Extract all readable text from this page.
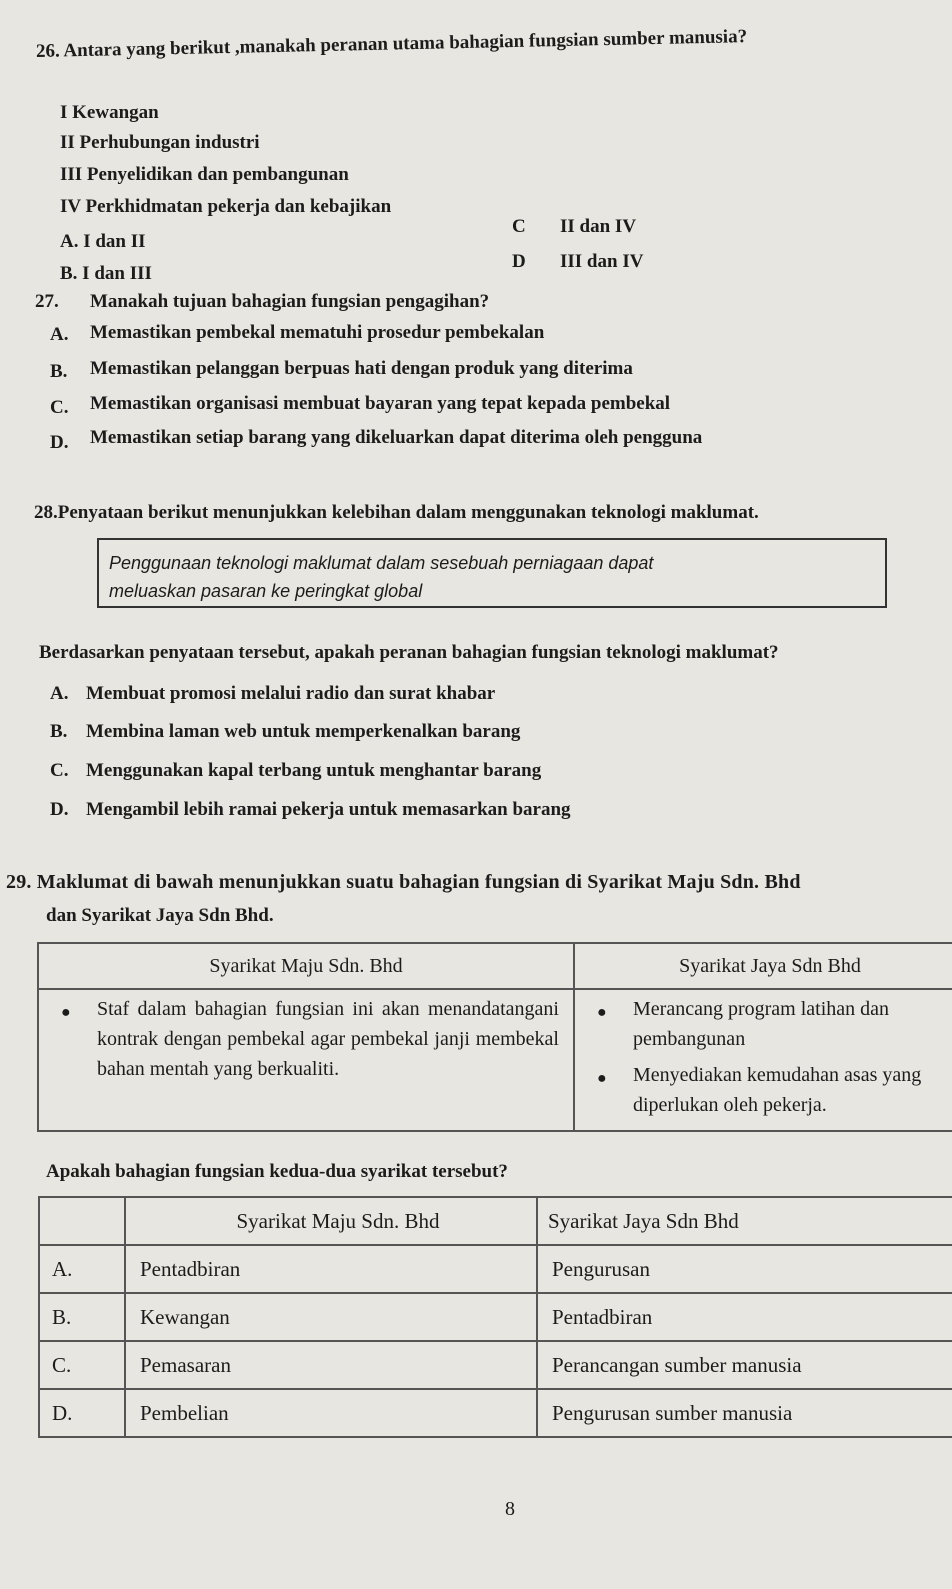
26. Antara yang berikut ,manakah peranan utama bahagian fungsian sumber manusia?
I Kewangan
II Perhubungan industri
III Penyelidikan dan pembangunan
IV Perkhidmatan pekerja dan kebajikan
A. I dan II
B. I dan III
C II dan IV
D III dan IV
27. Manakah tujuan bahagian fungsian pengagihan?
A. Memastikan pembekal mematuhi prosedur pembekalan
B. Memastikan pelanggan berpuas hati dengan produk yang diterima
C. Memastikan organisasi membuat bayaran yang tepat kepada pembekal
D. Memastikan setiap barang yang dikeluarkan dapat diterima oleh pengguna
28.Penyataan berikut menunjukkan kelebihan dalam menggunakan teknologi maklumat.
Penggunaan teknologi maklumat dalam sesebuah perniagaan dapat
meluaskan pasaran ke peringkat global
Berdasarkan penyataan tersebut, apakah peranan bahagian fungsian teknologi maklumat?
A. Membuat promosi melalui radio dan surat khabar
B. Membina laman web untuk memperkenalkan barang
C. Menggunakan kapal terbang untuk menghantar barang
D. Mengambil lebih ramai pekerja untuk memasarkan barang
29. Maklumat di bawah menunjukkan suatu bahagian fungsian di Syarikat Maju Sdn. Bhd
dan Syarikat Jaya Sdn Bhd.
Syarikat Maju Sdn. Bhd	Syarikat Jaya Sdn Bhd

● Staf dalam bahagian fungsian ini akan menandatangani kontrak dengan pembekal agar pembekal janji membekal bahan mentah yang berkualiti.	● Merancang program latihan dan pembangunan
● Menyediakan kemudahan asas yang diperlukan oleh pekerja.
Apakah bahagian fungsian kedua-dua syarikat tersebut?
	Syarikat Maju Sdn. Bhd	Syarikat Jaya Sdn Bhd
A.	Pentadbiran	Pengurusan
B.	Kewangan	Pentadbiran
C.	Pemasaran	Perancangan sumber manusia
D.	Pembelian	Pengurusan sumber manusia
8
